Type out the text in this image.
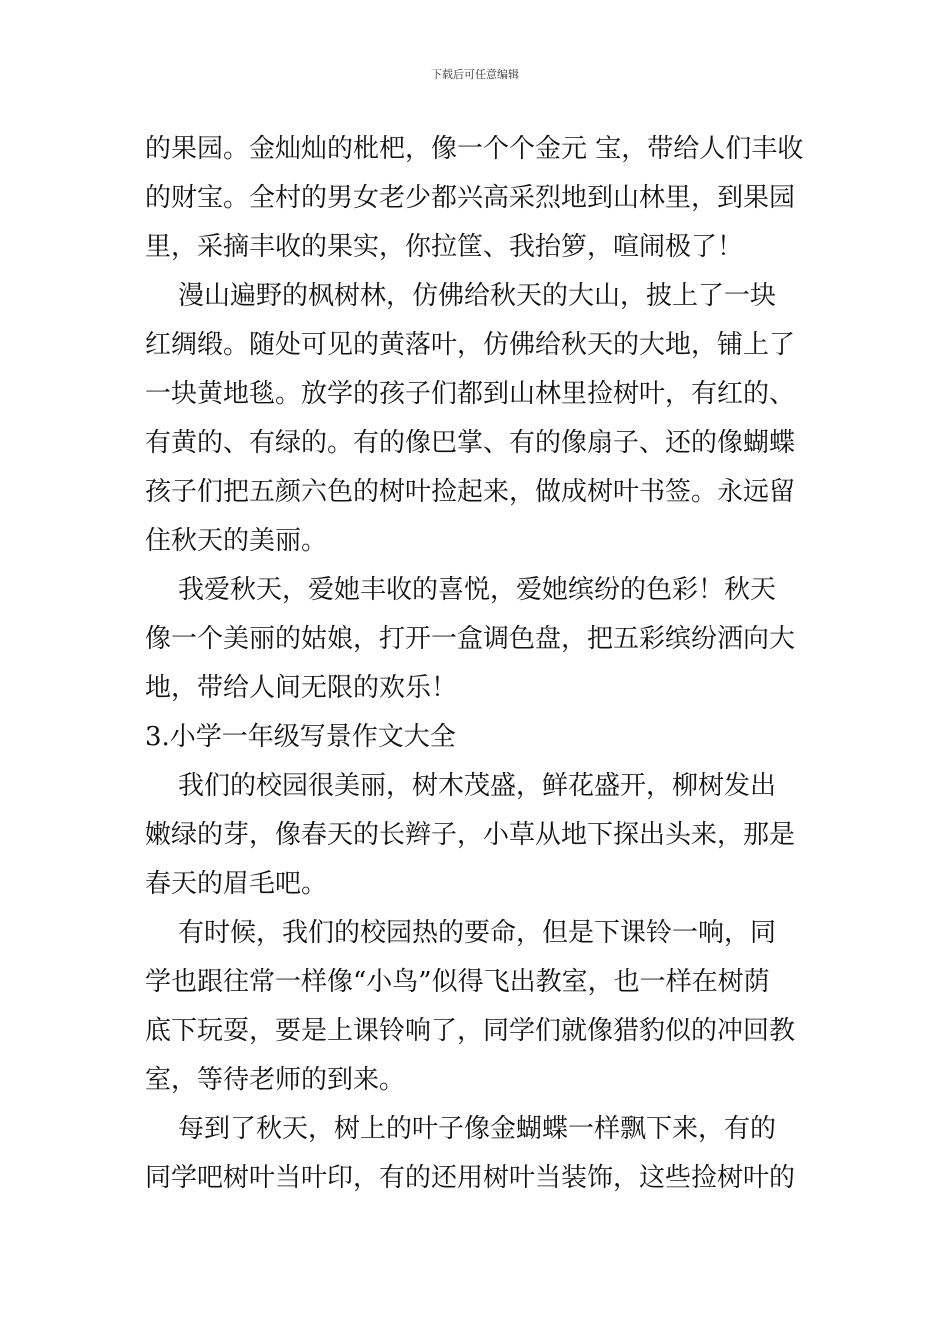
下载后可任意编辑

的果园。金灿灿的枇杷，像一个个金元 宝，带给人们丰收

的财宝。全村的男女老少都兴高采烈地到山林里，到果园

里，采摘丰收的果实，你拉筐、我抬箩，喧闹极了！

漫山遍野的枫树林，仿佛给秋天的大山，披上了一块

红绸缎。随处可见的黄落叶，仿佛给秋天的大地，铺上了

一块黄地毯。放学的孩子们都到山林里捡树叶，有红的、

有黄的、有绿的。有的像巴掌、有的像扇子、还的像蝴蝶

孩子们把五颜六色的树叶捡起来，做成树叶书签。永远留

住秋天的美丽。

我爱秋天，爱她丰收的喜悦，爱她缤纷的色彩！秋天

像一个美丽的姑娘，打开一盒调色盘，把五彩缤纷洒向大

地，带给人间无限的欢乐！

3.小学一年级写景作文大全

我们的校园很美丽，树木茂盛，鲜花盛开，柳树发出

嫩绿的芽，像春天的长辫子，小草从地下探出头来，那是

春天的眉毛吧。

有时候，我们的校园热的要命，但是下课铃一响，同

学也跟往常一样像“小鸟”似得飞出教室，也一样在树荫

底下玩耍，要是上课铃响了，同学们就像猎豹似的冲回教

室，等待老师的到来。

每到了秋天，树上的叶子像金蝴蝶一样飘下来，有的

同学吧树叶当叶印，有的还用树叶当装饰，这些捡树叶的
